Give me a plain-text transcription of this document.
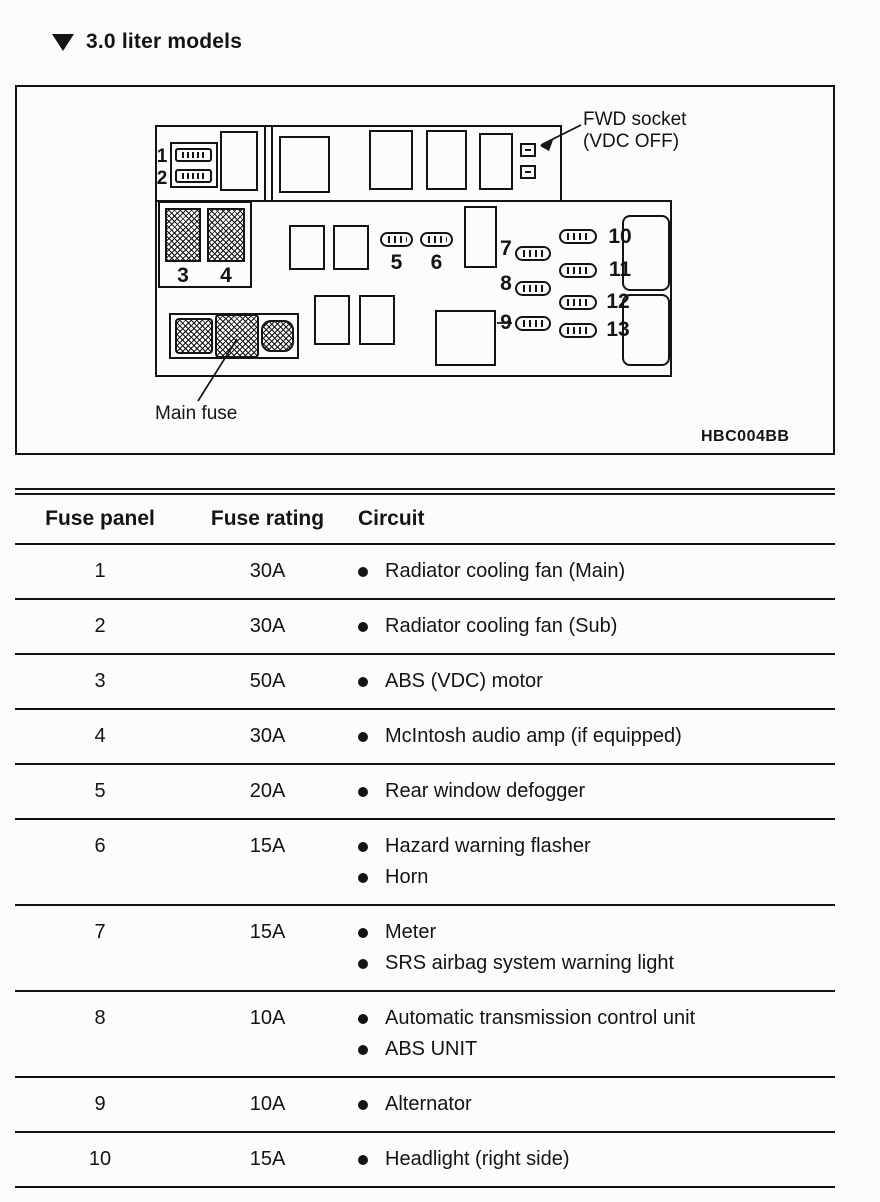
3.0 liter models
1
2
FWD socket
(VDC OFF)
3	4
5	6
7
8
9
10
11
12
13
Main fuse
HBC004BB
Fuse panel	Fuse rating	Circuit
1	30A	Radiator cooling fan (Main)
2	30A	Radiator cooling fan (Sub)
3	50A	ABS (VDC) motor
4	30A	McIntosh audio amp (if equipped)
5	20A	Rear window defogger
6	15A	Hazard warning flasher
Horn
7	15A	Meter
SRS airbag system warning light
8	10A	Automatic transmission control unit
ABS UNIT
9	10A	Alternator
10	15A	Headlight (right side)
